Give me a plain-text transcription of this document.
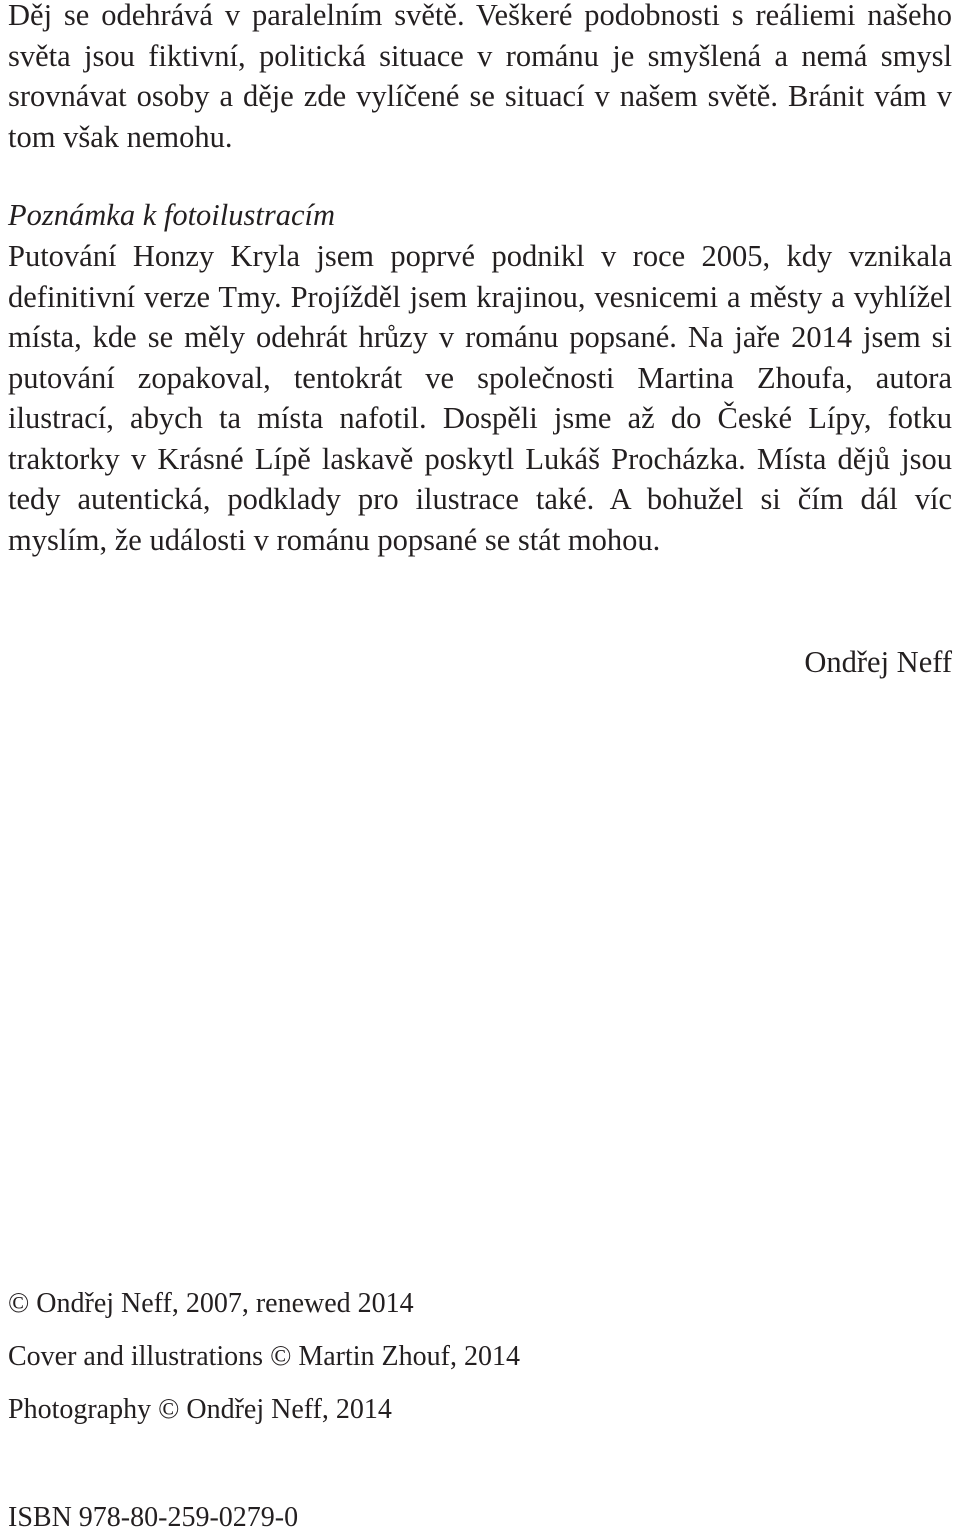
Děj se odehrává v paralelním světě. Veškeré podobnosti s reáliemi našeho světa jsou fiktivní, politická situace v románu je smyšlená a nemá smysl srovnávat osoby a děje zde vylíčené se situací v našem světě. Bránit vám v tom však nemohu.

Poznámka k fotoilustracím

Putování Honzy Kryla jsem poprvé podnikl v roce 2005, kdy vznikala definitivní verze Tmy. Projížděl jsem krajinou, vesnicemi a městy a vyhlížel místa, kde se měly odehrát hrůzy v románu popsané. Na jaře 2014 jsem si putování zopakoval, tentokrát ve společnosti Martina Zhoufa, autora ilustrací, abych ta místa nafotil. Dospěli jsme až do České Lípy, fotku traktorky v Krásné Lípě laskavě poskytl Lukáš Procházka. Místa dějů jsou tedy autentická, podklady pro ilustrace také. A bohužel si čím dál víc myslím, že události v románu popsané se stát mohou.

Ondřej Neff
© Ondřej Neff, 2007, renewed 2014
Cover and illustrations © Martin Zhouf, 2014
Photography © Ondřej Neff, 2014
ISBN 978-80-259-0279-0
